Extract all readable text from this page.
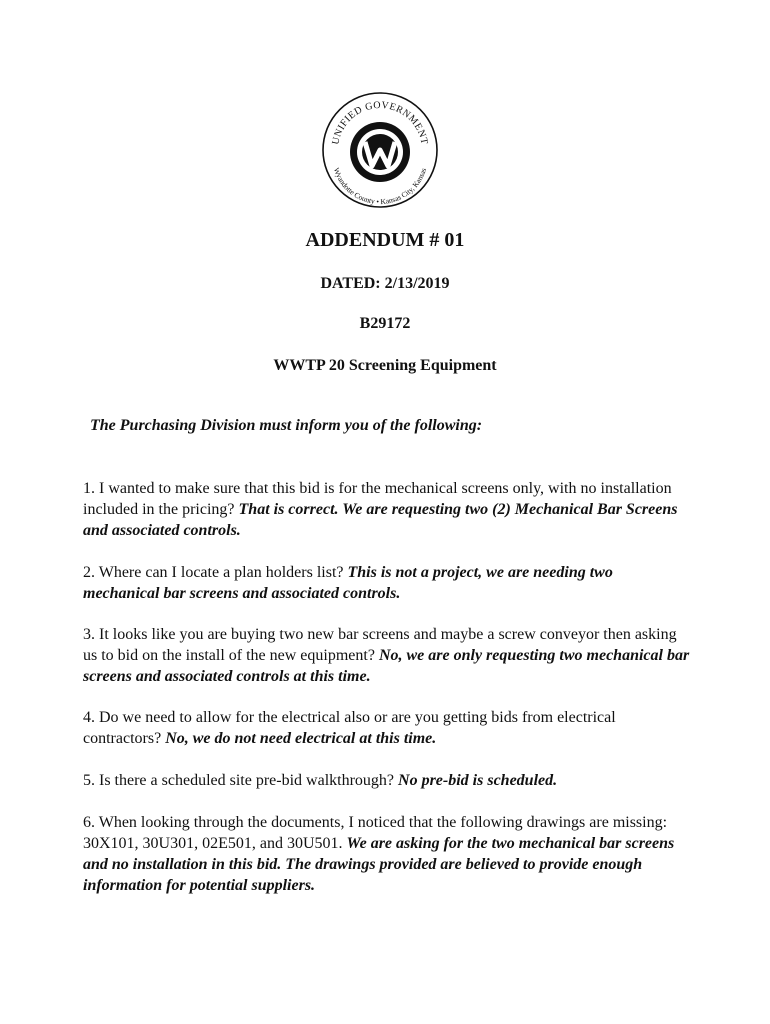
UNIFIED GOVERNMENT
Wyandotte County • Kansas City, Kansas
ADDENDUM # 01
DATED: 2/13/2019
B29172
WWTP 20 Screening Equipment
The Purchasing Division must inform you of the following:
1. I wanted to make sure that this bid is for the mechanical screens only, with no installation included in the pricing? That is correct. We are requesting two (2) Mechanical Bar Screens and associated controls.
2. Where can I locate a plan holders list? This is not a project, we are needing two mechanical bar screens and associated controls.
3. It looks like you are buying two new bar screens and maybe a screw conveyor then asking us to bid on the install of the new equipment? No, we are only requesting two mechanical bar screens and associated controls at this time.
4. Do we need to allow for the electrical also or are you getting bids from electrical contractors? No, we do not need electrical at this time.
5. Is there a scheduled site pre-bid walkthrough? No pre-bid is scheduled.
6. When looking through the documents, I noticed that the following drawings are missing: 30X101, 30U301, 02E501, and 30U501. We are asking for the two mechanical bar screens and no installation in this bid. The drawings provided are believed to provide enough information for potential suppliers.
